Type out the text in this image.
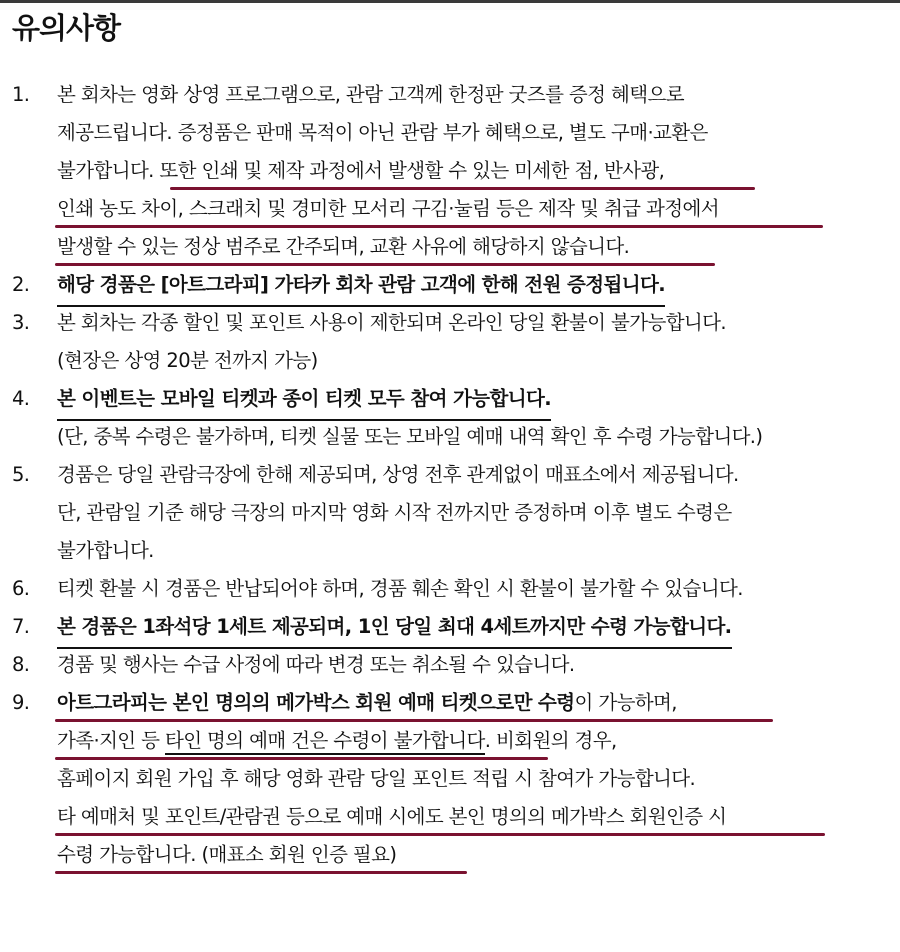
유의사항
1.	본 회차는 영화 상영 프로그램으로, 관람 고객께 한정판 굿즈를 증정 혜택으로
제공드립니다. 증정품은 판매 목적이 아닌 관람 부가 혜택으로, 별도 구매·교환은
불가합니다. 또한 인쇄 및 제작 과정에서 발생할 수 있는 미세한 점, 반사광,
인쇄 농도 차이, 스크래치 및 경미한 모서리 구김·눌림 등은 제작 및 취급 과정에서
발생할 수 있는 정상 범주로 간주되며, 교환 사유에 해당하지 않습니다.
2.	해당 경품은 [아트그라피] 가타카 회차 관람 고객에 한해 전원 증정됩니다.
3.	본 회차는 각종 할인 및 포인트 사용이 제한되며 온라인 당일 환불이 불가능합니다.
(현장은 상영 20분 전까지 가능)
4.	본 이벤트는 모바일 티켓과 종이 티켓 모두 참여 가능합니다.
(단, 중복 수령은 불가하며, 티켓 실물 또는 모바일 예매 내역 확인 후 수령 가능합니다.)
5.	경품은 당일 관람극장에 한해 제공되며, 상영 전후 관계없이 매표소에서 제공됩니다.
단, 관람일 기준 해당 극장의 마지막 영화 시작 전까지만 증정하며 이후 별도 수령은
불가합니다.
6.	티켓 환불 시 경품은 반납되어야 하며, 경품 훼손 확인 시 환불이 불가할 수 있습니다.
7.	본 경품은 1좌석당 1세트 제공되며, 1인 당일 최대 4세트까지만 수령 가능합니다.
8.	경품 및 행사는 수급 사정에 따라 변경 또는 취소될 수 있습니다.
9.	아트그라피는 본인 명의의 메가박스 회원 예매 티켓으로만 수령이 가능하며,
가족·지인 등 타인 명의 예매 건은 수령이 불가합니다. 비회원의 경우,
홈페이지 회원 가입 후 해당 영화 관람 당일 포인트 적립 시 참여가 가능합니다.
타 예매처 및 포인트/관람권 등으로 예매 시에도 본인 명의의 메가박스 회원인증 시
수령 가능합니다. (매표소 회원 인증 필요)
